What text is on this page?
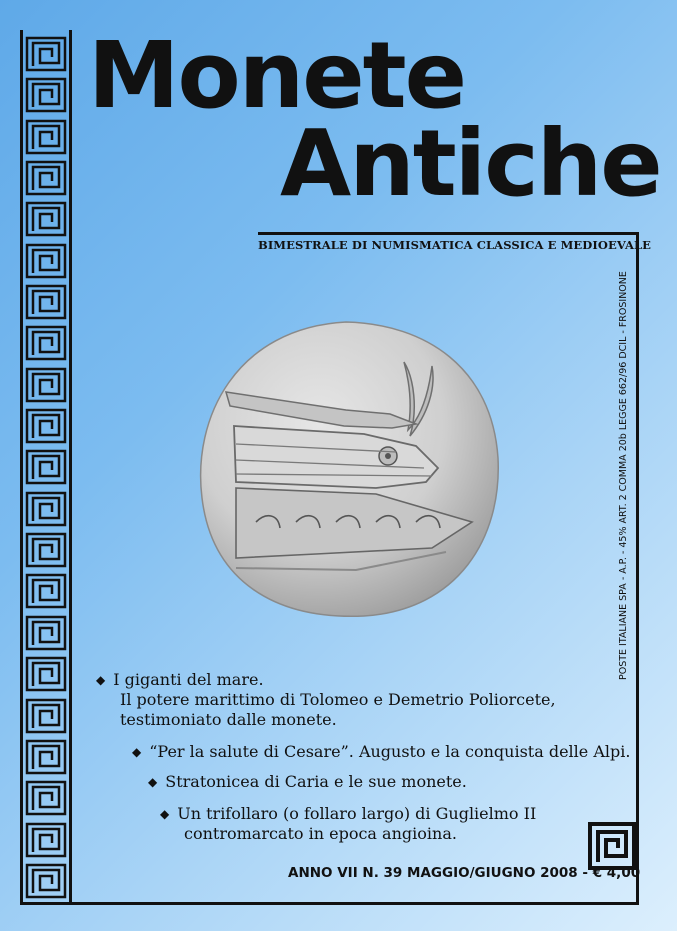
Monete
Antiche
BIMESTRALE DI NUMISMATICA CLASSICA E MEDIOEVALE
POSTE ITALIANE SPA - A.P. - 45% ART. 2 COMMA 20b LEGGE 662/96 DCIL - FROSINONE
◆ I giganti del mare.
Il potere marittimo di Tolomeo e Demetrio Poliorcete,
testimoniato dalle monete.
◆ “Per la salute di Cesare”. Augusto e la conquista delle Alpi.
◆ Stratonicea di Caria e le sue monete.
◆ Un trifollaro (o follaro largo) di Guglielmo II
contromarcato in epoca angioina.
ANNO VII N. 39 MAGGIO/GIUGNO 2008 - € 4,00
